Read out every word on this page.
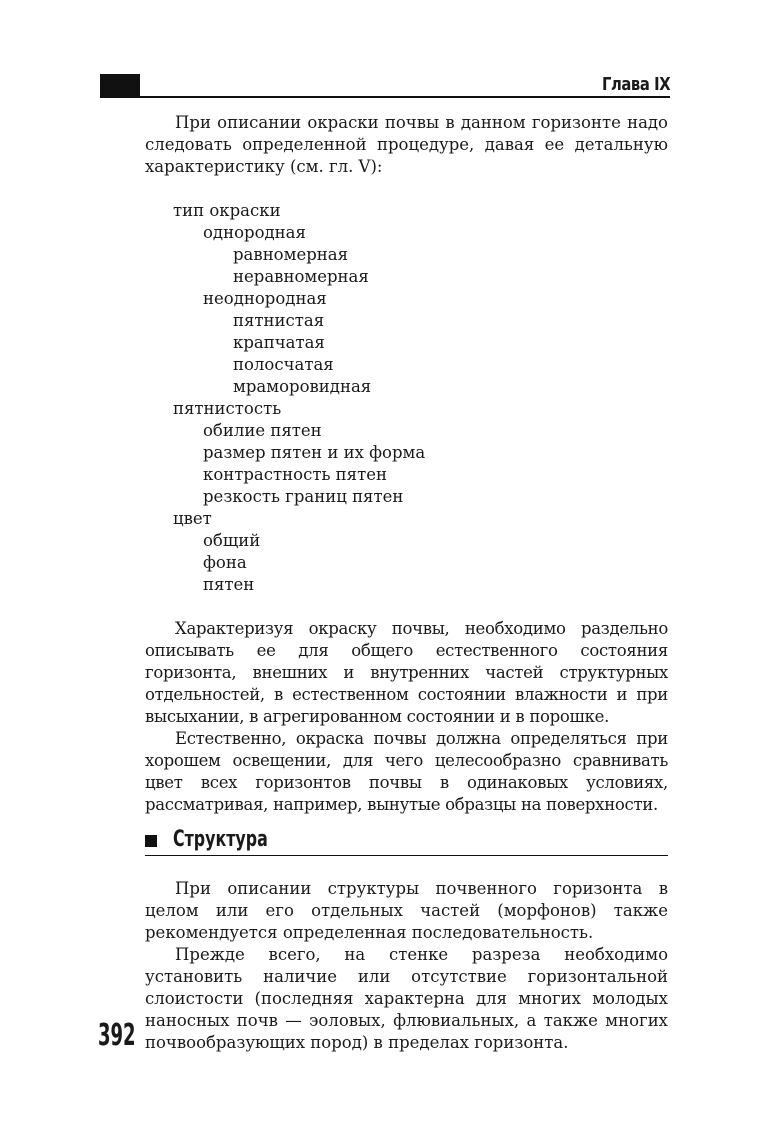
Глава IX

При описании окраски почвы в данном горизонте надо следовать определенной процедуре, давая ее детальную характеристику (см. гл. V):

тип окраски
однородная
равномерная
неравномерная
неоднородная
пятнистая
крапчатая
полосчатая
мраморовидная
пятнистость
обилие пятен
размер пятен и их форма
контрастность пятен
резкость границ пятен
цвет
общий
фона
пятен

Характеризуя окраску почвы, необходимо раздельно описывать ее для общего естественного состояния горизонта, внешних и внутренних частей структурных отдельностей, в естественном состоянии влажности и при высыхании, в агрегированном состоянии и в порошке.

Естественно, окраска почвы должна определяться при хорошем освещении, для чего целесообразно сравнивать цвет всех горизонтов почвы в одинаковых условиях, рассматривая, например, вынутые образцы на поверхности.

Структура

При описании структуры почвенного горизонта в целом или его отдельных частей (морфонов) также рекомендуется определенная последовательность.

Прежде всего, на стенке разреза необходимо установить наличие или отсутствие горизонтальной слоистости (последняя характерна для многих молодых наносных почв — эоловых, флювиальных, а также многих почвообразующих пород) в пределах горизонта.

392
